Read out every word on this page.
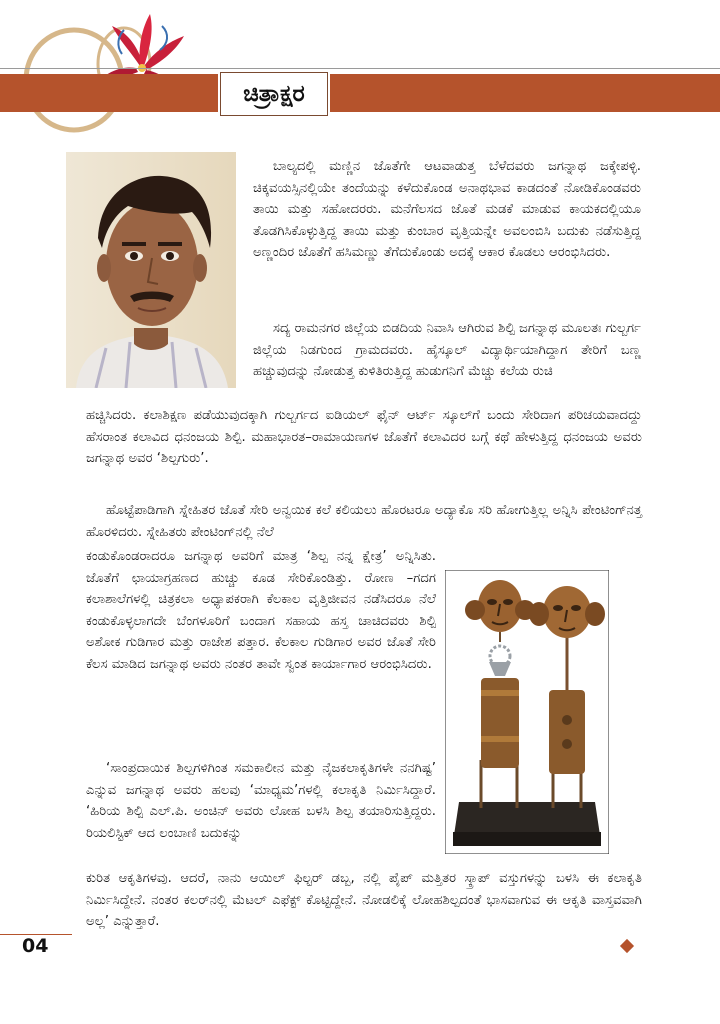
ಚಿತ್ರಾಕ್ಷರ
ಬಾಲ್ಯದಲ್ಲಿ ಮಣ್ಣಿನ ಜೊತೆಗೇ ಆಟವಾಡುತ್ತ ಬೆಳೆದವರು ಜಗನ್ನಾಥ ಜಕ್ಕೇಪಳ್ಳಿ. ಚಿಕ್ಕವಯಸ್ಸಿನಲ್ಲಿಯೇ ತಂದೆಯನ್ನು ಕಳೆದುಕೊಂಡ ಅನಾಥಭಾವ ಕಾಡದಂತೆ ನೋಡಿಕೊಂಡವರು ತಾಯಿ ಮತ್ತು ಸಹೋದರರು. ಮನೆಗೆಲಸದ ಜೊತೆ ಮಡಕೆ ಮಾಡುವ ಕಾಯಕದಲ್ಲಿಯೂ ತೊಡಗಿಸಿಕೊಳ್ಳುತ್ತಿದ್ದ ತಾಯಿ ಮತ್ತು ಕುಂಬಾರ ವೃತ್ತಿಯನ್ನೇ ಅವಲಂಬಿಸಿ ಬದುಕು ನಡೆಸುತ್ತಿದ್ದ ಅಣ್ಣಂದಿರ ಜೊತೆಗೆ ಹಸಿಮಣ್ಣು ತೆಗೆದುಕೊಂಡು ಅದಕ್ಕೆ ಆಕಾರ ಕೊಡಲು ಆರಂಭಿಸಿದರು.
ಸದ್ಯ ರಾಮನಗರ ಜಿಲ್ಲೆಯ ಬಿಡದಿಯ ನಿವಾಸಿ ಆಗಿರುವ ಶಿಲ್ಪಿ ಜಗನ್ನಾಥ ಮೂಲತಃ ಗುಲ್ಬರ್ಗ ಜಿಲ್ಲೆಯ ನಿಡಗುಂದ ಗ್ರಾಮದವರು. ಹೈಸ್ಕೂಲ್ ವಿದ್ಯಾರ್ಥಿಯಾಗಿದ್ದಾಗ ತೇರಿಗೆ ಬಣ್ಣ ಹಚ್ಚುವುದನ್ನು ನೋಡುತ್ತ ಕುಳಿತಿರುತ್ತಿದ್ದ ಹುಡುಗನಿಗೆ ಮೆಚ್ಚು ಕಲೆಯ ರುಚಿ
ಹಚ್ಚಿಸಿದರು. ಕಲಾಶಿಕ್ಷಣ ಪಡೆಯುವುದಕ್ಕಾಗಿ ಗುಲ್ಬರ್ಗದ ಐಡಿಯಲ್ ಫೈನ್ ಆರ್ಟ್ ಸ್ಕೂಲ್‌ಗೆ ಬಂದು ಸೇರಿದಾಗ ಪರಿಚಯವಾದದ್ದು ಹೆಸರಾಂತ ಕಲಾವಿದ ಧನಂಜಯ ಶಿಲ್ಪಿ. ಮಹಾಭಾರತ–ರಾಮಾಯಣಗಳ ಜೊತೆಗೆ ಕಲಾವಿದರ ಬಗ್ಗೆ ಕಥೆ ಹೇಳುತ್ತಿದ್ದ ಧನಂಜಯ ಅವರು ಜಗನ್ನಾಥ ಅವರ ‘ಶಿಲ್ಪಗುರು’.
ಹೊಟ್ಟೆಪಾಡಿಗಾಗಿ ಸ್ನೇಹಿತರ ಜೊತೆ ಸೇರಿ ಅನ್ವಯಿಕ ಕಲೆ ಕಲಿಯಲು ಹೊರಟರೂ ಅದ್ಯಾಕೊ ಸರಿ ಹೋಗುತ್ತಿಲ್ಲ ಅನ್ನಿಸಿ ಪೇಂಟಿಂಗ್‌ನತ್ತ ಹೊರಳಿದರು. ಸ್ನೇಹಿತರು ಪೇಂಟಿಂಗ್‌ನಲ್ಲಿ ನೆಲೆ
ಕಂಡುಕೊಂಡರಾದರೂ ಜಗನ್ನಾಥ ಅವರಿಗೆ ಮಾತ್ರ ‘ಶಿಲ್ಪ ನನ್ನ ಕ್ಷೇತ್ರ’ ಅನ್ನಿಸಿತು. ಜೊತೆಗೆ ಛಾಯಾಗ್ರಹಣದ ಹುಚ್ಚು ಕೂಡ ಸೇರಿಕೊಂಡಿತ್ತು. ರೋಣ –ಗದಗ ಕಲಾಶಾಲೆಗಳಲ್ಲಿ ಚಿತ್ರಕಲಾ ಅಧ್ಯಾಪಕರಾಗಿ ಕೆಲಕಾಲ ವೃತ್ತಿಜೀವನ ನಡೆಸಿದರೂ ನೆಲೆ ಕಂಡುಕೊಳ್ಳಲಾಗದೇ ಬೆಂಗಳೂರಿಗೆ ಬಂದಾಗ ಸಹಾಯ ಹಸ್ತ ಚಾಚಿದವರು ಶಿಲ್ಪಿ ಅಶೋಕ ಗುಡಿಗಾರ ಮತ್ತು ರಾಜೇಶ ಪತ್ತಾರ. ಕೆಲಕಾಲ ಗುಡಿಗಾರ ಅವರ ಜೊತೆ ಸೇರಿ ಕೆಲಸ ಮಾಡಿದ ಜಗನ್ನಾಥ ಅವರು ನಂತರ ತಾವೇ ಸ್ವಂತ ಕಾರ್ಯಾಗಾರ ಆರಂಭಿಸಿದರು.
‘ಸಾಂಪ್ರದಾಯಿಕ ಶಿಲ್ಪಗಳಿಗಿಂತ ಸಮಕಾಲೀನ ಮತ್ತು ನೈಜಕಲಾಕೃತಿಗಳೇ ನನಗಿಷ್ಟ’ ಎನ್ನುವ ಜಗನ್ನಾಥ ಅವರು ಹಲವು ‘ಮಾಧ್ಯಮ’ಗಳಲ್ಲಿ ಕಲಾಕೃತಿ ನಿರ್ಮಿಸಿದ್ದಾರೆ. ‘ಹಿರಿಯ ಶಿಲ್ಪಿ ಎಲ್.ಪಿ. ಅಂಚಿನ್ ಅವರು ಲೋಹ ಬಳಸಿ ಶಿಲ್ಪ ತಯಾರಿಸುತ್ತಿದ್ದರು. ರಿಯಲಿಸ್ಟಿಕ್ ಆದ ಲಂಬಾಣಿ ಬದುಕನ್ನು
ಕುರಿತ ಆಕೃತಿಗಳವು. ಆದರೆ, ನಾನು ಆಯಿಲ್ ಫಿಲ್ಟರ್ ಡಬ್ಬ, ನಲ್ಲಿ ಪೈಪ್ ಮತ್ತಿತರ ಸ್ಕ್ರಾಪ್ ವಸ್ತುಗಳನ್ನು ಬಳಸಿ ಈ ಕಲಾಕೃತಿ ನಿರ್ಮಿಸಿದ್ದೇನೆ. ನಂತರ ಕಲರ್‌ನಲ್ಲಿ ಮೆಟಲ್ ಎಫೆಕ್ಟ್ ಕೊಟ್ಟಿದ್ದೇನೆ. ನೋಡಲಿಕ್ಕೆ ಲೋಹಶಿಲ್ಪದಂತೆ ಭಾಸವಾಗುವ ಈ ಆಕೃತಿ ವಾಸ್ತವವಾಗಿ ಅಲ್ಲ’ ಎನ್ನುತ್ತಾರೆ.
04
